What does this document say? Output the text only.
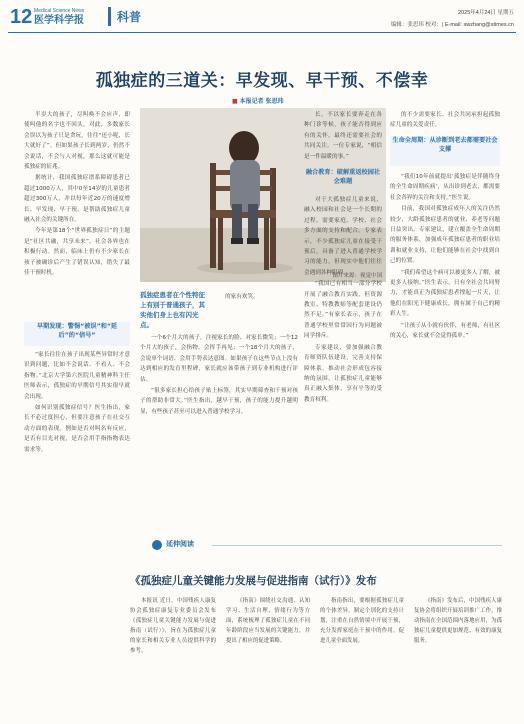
12 Medical Science News
医学科学报	科普	2025年4月24日 星期五
编辑：张思玮 校对：| E-mail: swzhang@stimes.cn
孤独症的三道关：早发现、早干预、不偿幸
■ 本报记者 张思玮

半岁大的孩子，尽叫唤不会应声，即使叫他的名字也不回头，对此，多数家长会误以为孩子只是贪玩，往往“还小呢，长大就好了”。但如果孩子长到两岁，仍然不会说话，不会与人对视，那么这就可能是孤独症的征兆。

据统计，我国孤独症谱系障碍患者已超过1000万人，其中0至14岁的儿童患者超过300万人，并以每年近20万的速度增长。早发现、早干预，是帮助孤独症儿童融入社会的关键所在。

今年是第18个“世界孤独症日”的主题是“社区共融，共享未来”，社会各界也在积极行动。然而，临床上仍有不少家长在孩子被确诊后产生了错误认知，错失了最佳干预时机。

早期发现：警惕“被误”和“延后”的“信号”

“家长往往在孩子出现某些异常时才意识到问题，比如不会说话、不看人、不会指物。”北京大学第六医院儿童精神科主任医师表示，孤独症的早期信号其实很早就会出现。

如何识别孤独症信号？医生指出，家长不必过度担心，但要注意孩子在社交互动方面的表现。例如是否对叫名有反应，是否有目光对视，是否会用手指指物表达需求等。

图片来源：视觉中国
孤独症患者在个性特征上有别于普通孩子，其实他们身上也有闪光点。

的家有欢笑。

一个6个月大的孩子，注视家长的脸、对家长微笑；一个12个月大的孩子，会指物、会挥手再见；一个18个月大的孩子，会说单个词语、会用手势表达意图。如果孩子在这些节点上没有达到相应的发育里程碑，家长就应该带孩子到专业机构进行评估。

“很多家长担心给孩子贴上标签，其实早期筛查和干预对孩子的帮助非常大。”医生指出，越早干预，孩子的能力提升越明显，有些孩子甚至可以进入普通学校学习。

长，不以家长要奔走在各种门诊等候，孩子能否得到应有的关怀，最终还需要社会的共同关注。一位专家说，“相信是一件温暖的事。”

融合教育：破解重返校园社会难题

对于大孤独症儿童来说，融入校园和社会是一个长期的过程，需要家庭、学校、社会多方面的支持和配合。专家表示，不少孤独症儿童在接受干预后，具备了进入普通学校学习的能力，但现实中他们往往会遇到各种阻碍。

“我国已有相当一部分学校开展了融合教育实践，但资源教室、特教教师等配套建设仍然不足。”有家长表示，孩子在普通学校里常常因行为问题被同学排斥。

专家建议，要加强融合教育师资队伍建设，完善支持保障体系，推动社会形成包容接纳的氛围，让孤独症儿童能够真正融入集体，享有平等的受教育权利。

的不少需要家长、社会共同承担起孤独症儿童的关爱责任。

生命全周期：从诊断到老去都需要社会支撑

“我们10年前就提出‘孤独症是伴随终身的全生命周期疾病’，从出诊到老去，都需要社会各界的关注和支持。”医生说。

目前，我国对孤独症成年人的关注仍然较少，大龄孤独症患者的就业、养老等问题日益突出。专家建议，建立覆盖全生命周期的服务体系，加强成年孤独症患者的职业培训和就业支持，让他们能够在社会中找到自己的位置。

“我们希望这个病可以被更多人了解，被更多人接纳。”医生表示，只有全社会共同努力，才能真正为孤独症患者撑起一片天，让他们在阳光下健康成长，拥有属于自己的精彩人生。

“让孩子从小就有伙伴，有老师，有社区的关心，家长就不会觉得孤单。”

延伸阅读
《孤独症儿童关键能力发展与促进指南（试行）》发布

本报讯 近日，中国残疾人康复协会孤独症康复专业委员会发布《孤独症儿童关键能力发展与促进指南（试行）》，旨在为孤独症儿童的家长和相关专业人员提供科学的参考。

《指南》围绕社交沟通、认知学习、生活自理、情绪行为等方面，系统梳理了孤独症儿童在不同年龄阶段应当发展的关键能力，并提出了相应的促进策略。

指南指出，要根据孤独症儿童的个体差异，制定个别化的支持计划，注重在自然情境中开展干预，充分发挥家庭在干预中的作用，促进儿童全面发展。

《指南》发布后，中国残疾人康复协会将组织开展培训推广工作，推动指南在全国范围内落地应用，为孤独症儿童提供更加规范、有效的康复服务。
